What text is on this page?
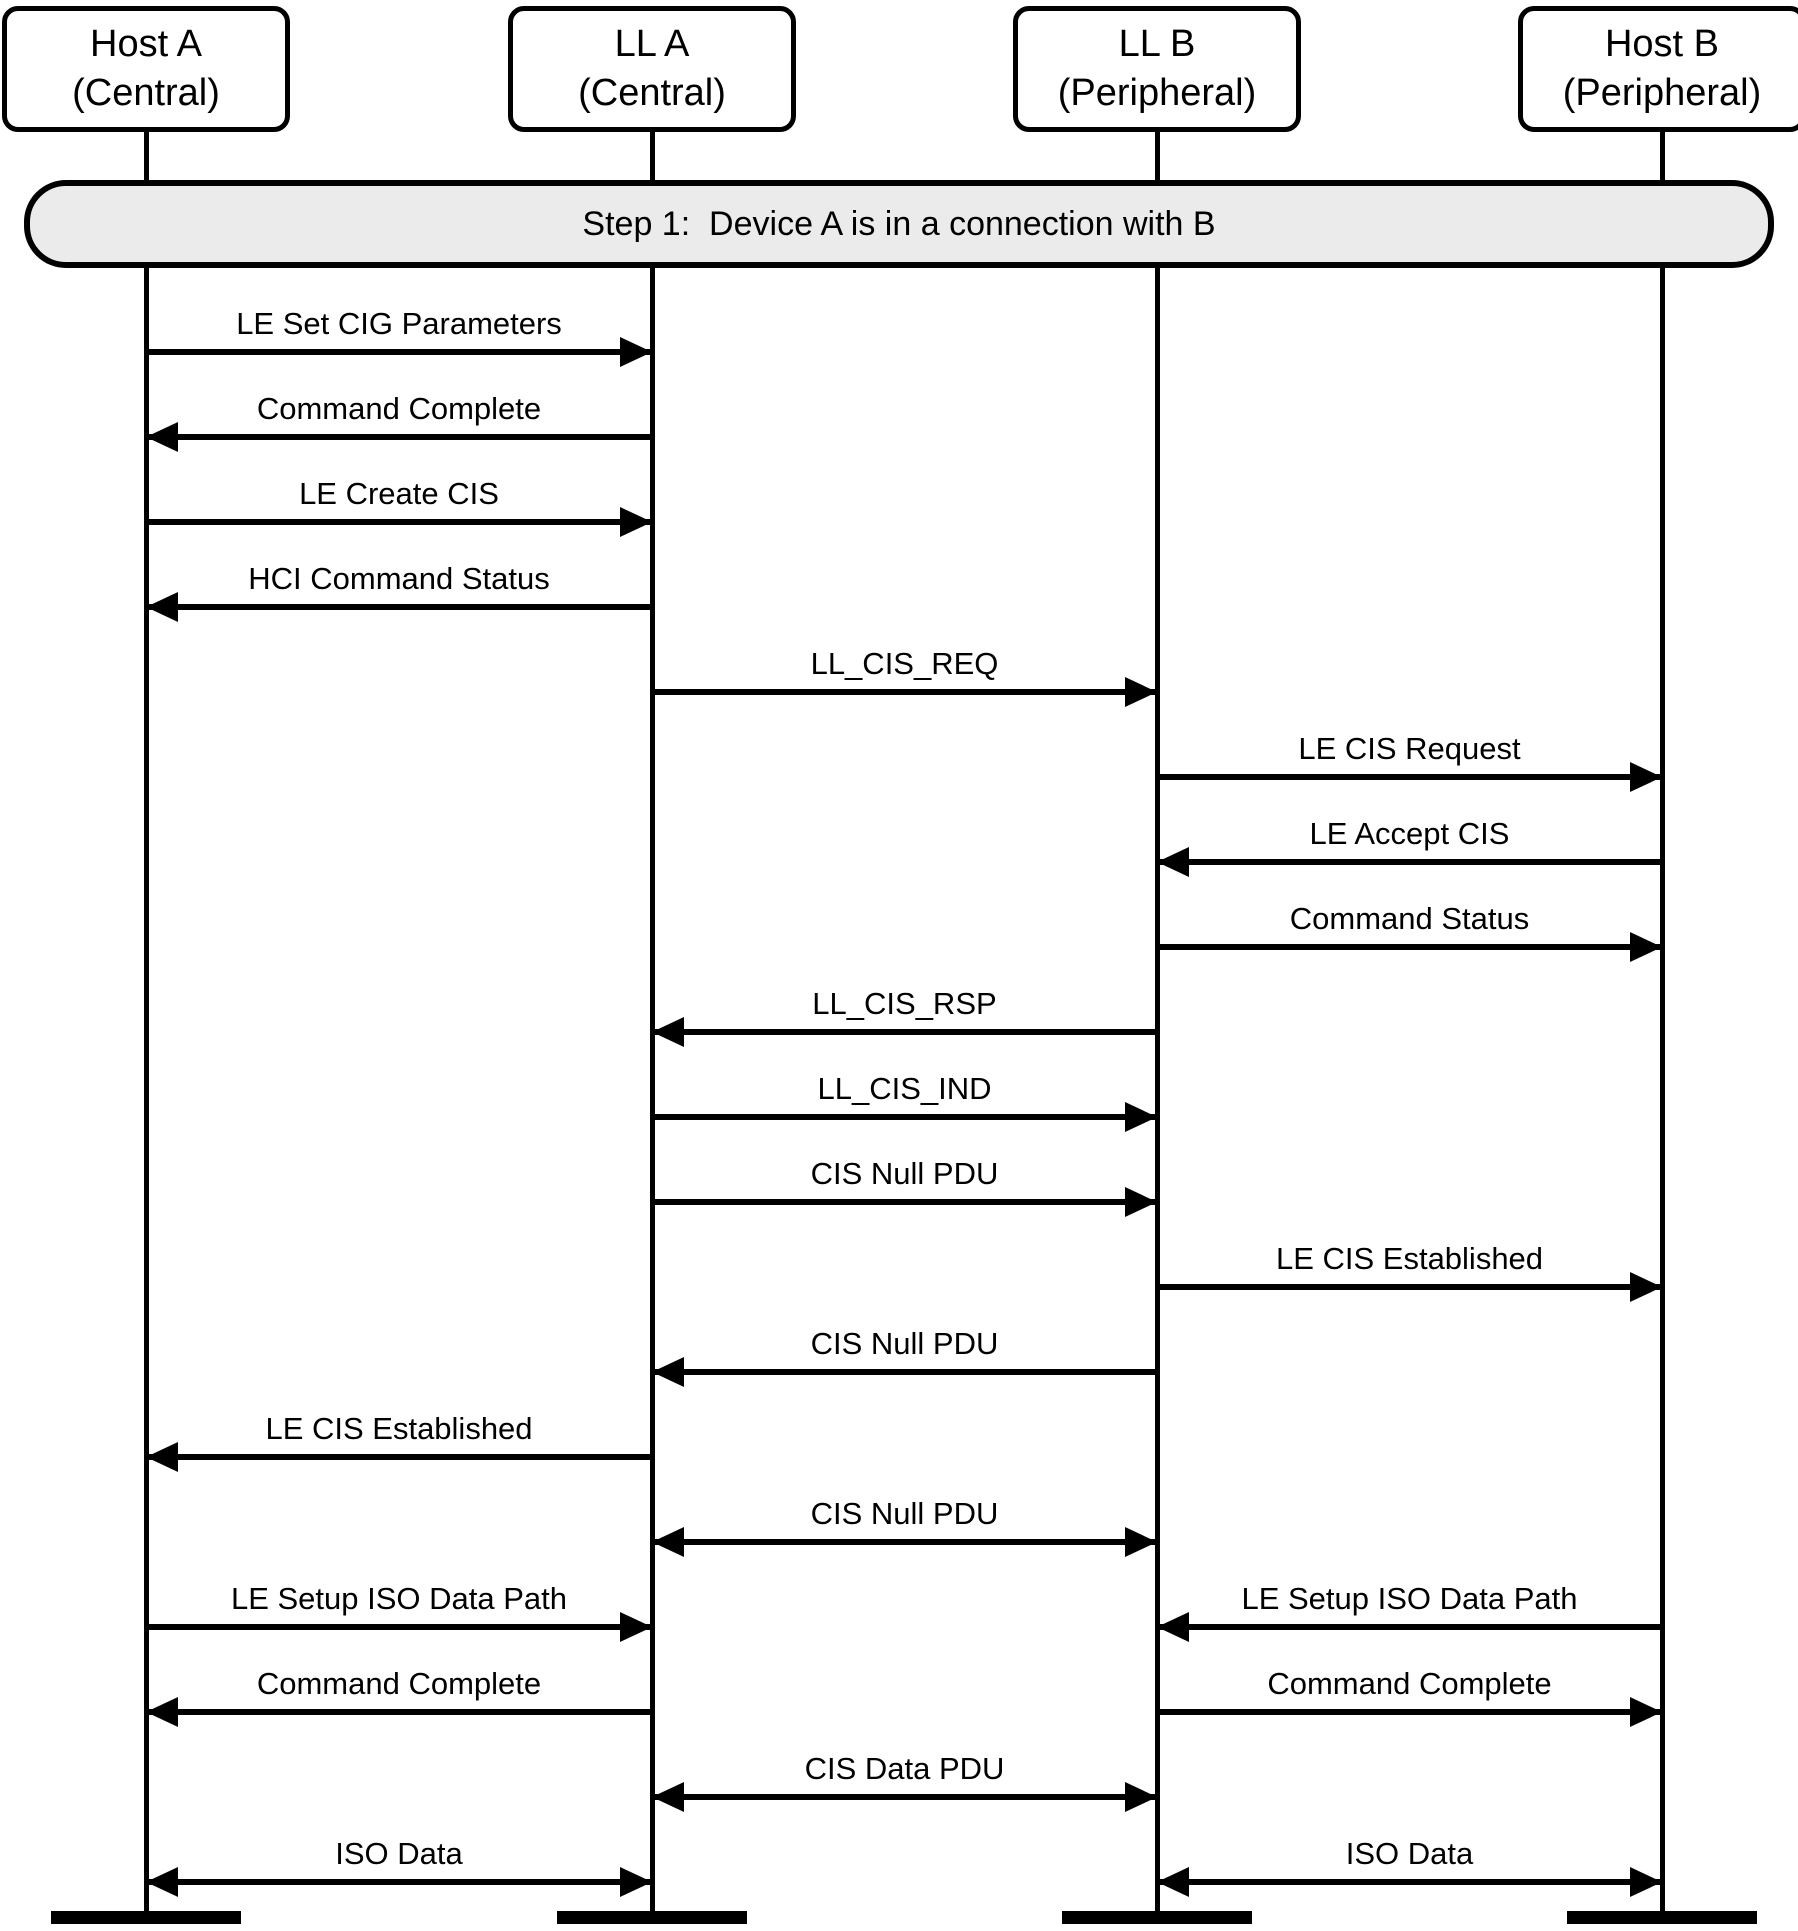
Step 1:  Device A is in a connection with B
Host A
(Central)
LL A
(Central)
LL B
(Peripheral)
Host B
(Peripheral)
LE Set CIG Parameters
Command Complete
LE Create CIS
HCI Command Status
LL_CIS_REQ
LE CIS Request
LE Accept CIS
Command Status
LL_CIS_RSP
LL_CIS_IND
CIS Null PDU
LE CIS Established
CIS Null PDU
LE CIS Established
CIS Null PDU
LE Setup ISO Data Path	LE Setup ISO Data Path
Command Complete	Command Complete
CIS Data PDU
ISO Data	ISO Data
